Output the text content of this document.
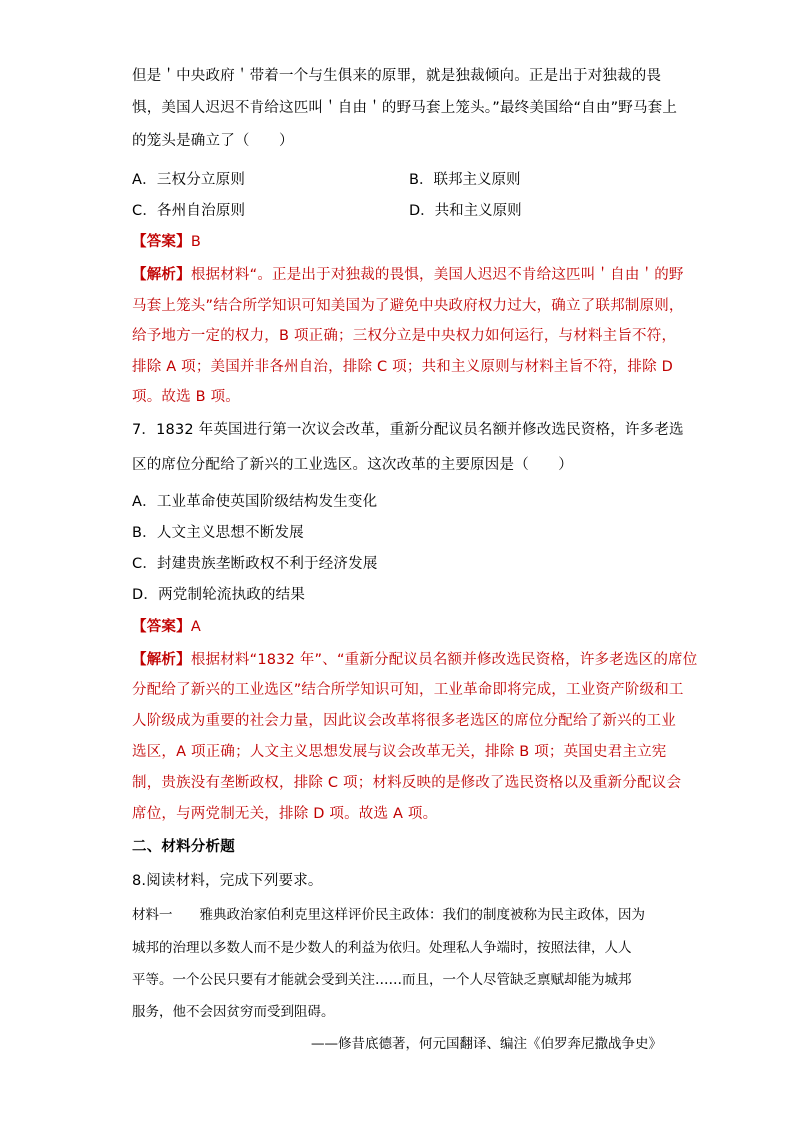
但是＇中央政府＇带着一个与生俱来的原罪，就是独裁倾向。正是出于对独裁的畏
惧，美国人迟迟不肯给这匹叫＇自由＇的野马套上笼头。”最终美国给“自由”野马套上
的笼头是确立了（　　）
A．三权分立原则	B．联邦主义原则
C．各州自治原则	D．共和主义原则
【答案】B
【解析】根据材料“。正是出于对独裁的畏惧，美国人迟迟不肯给这匹叫＇自由＇的野
马套上笼头”结合所学知识可知美国为了避免中央政府权力过大，确立了联邦制原则，
给予地方一定的权力，B 项正确；三权分立是中央权力如何运行，与材料主旨不符，
排除 A 项；美国并非各州自治，排除 C 项；共和主义原则与材料主旨不符，排除 D
项。故选 B 项。
7．1832 年英国进行第一次议会改革，重新分配议员名额并修改选民资格，许多老选
区的席位分配给了新兴的工业选区。这次改革的主要原因是（　　）
A．工业革命使英国阶级结构发生变化
B．人文主义思想不断发展
C．封建贵族垄断政权不利于经济发展
D．两党制轮流执政的结果
【答案】A
【解析】根据材料“1832 年”、“重新分配议员名额并修改选民资格，许多老选区的席位
分配给了新兴的工业选区”结合所学知识可知，工业革命即将完成，工业资产阶级和工
人阶级成为重要的社会力量，因此议会改革将很多老选区的席位分配给了新兴的工业
选区，A 项正确；人文主义思想发展与议会改革无关，排除 B 项；英国史君主立宪
制，贵族没有垄断政权，排除 C 项；材料反映的是修改了选民资格以及重新分配议会
席位，与两党制无关，排除 D 项。故选 A 项。
二、材料分析题
8.阅读材料，完成下列要求。
材料一　　雅典政治家伯利克里这样评价民主政体：我们的制度被称为民主政体，因为
城邦的治理以多数人而不是少数人的利益为依归。处理私人争端时，按照法律，人人
平等。一个公民只要有才能就会受到关注……而且，一个人尽管缺乏禀赋却能为城邦
服务，他不会因贫穷而受到阻碍。
——修昔底德著，何元国翻译、编注《伯罗奔尼撒战争史》
